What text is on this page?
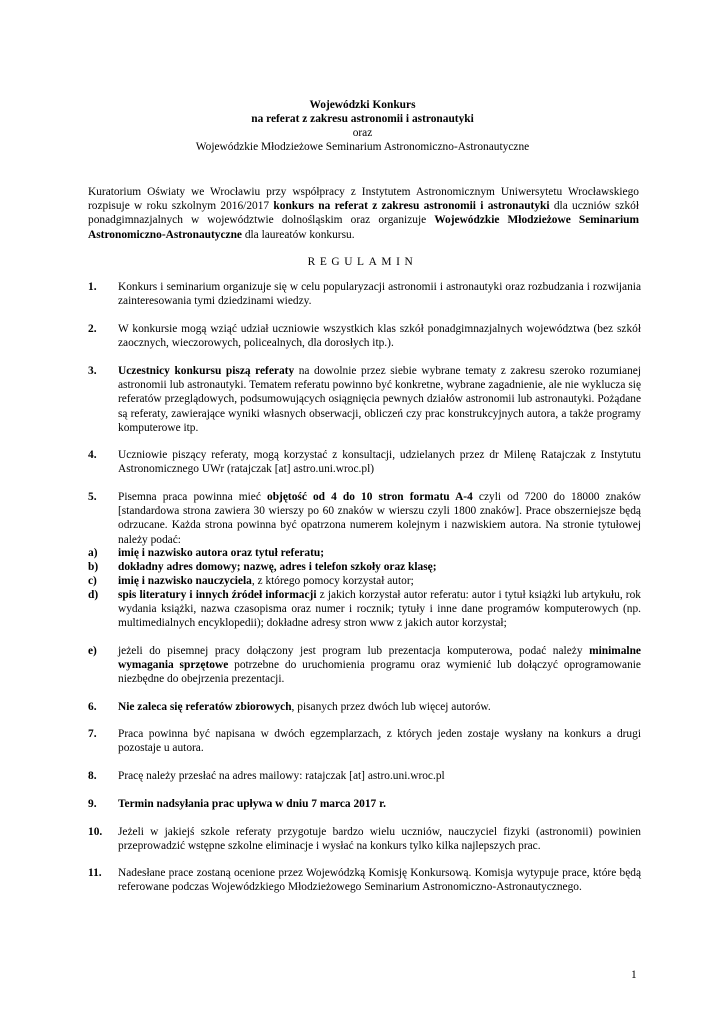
Wojewódzki Konkurs
na referat z zakresu astronomii i astronautyki
oraz
Wojewódzkie Młodzieżowe Seminarium Astronomiczno-Astronautyczne
Kuratorium Oświaty we Wrocławiu przy współpracy z Instytutem Astronomicznym Uniwersytetu Wrocławskiego rozpisuje w roku szkolnym 2016/2017 konkurs na referat z zakresu astronomii i astronautyki dla uczniów szkół ponadgimnazjalnych w województwie dolnośląskim oraz organizuje Wojewódzkie Młodzieżowe Seminarium Astronomiczno-Astronautyczne dla laureatów konkursu.
REGULAMIN
1. Konkurs i seminarium organizuje się w celu popularyzacji astronomii i astronautyki oraz rozbudzania i rozwijania zainteresowania tymi dziedzinami wiedzy.
2. W konkursie mogą wziąć udział uczniowie wszystkich klas szkół ponadgimnazjalnych województwa (bez szkół zaocznych, wieczorowych, policealnych, dla dorosłych itp.).
3. Uczestnicy konkursu piszą referaty na dowolnie przez siebie wybrane tematy z zakresu szeroko rozumianej astronomii lub astronautyki. Tematem referatu powinno być konkretne, wybrane zagadnienie, ale nie wyklucza się referatów przeglądowych, podsumowujących osiągnięcia pewnych działów astronomii lub astronautyki. Pożądane są referaty, zawierające wyniki własnych obserwacji, obliczeń czy prac konstrukcyjnych autora, a także programy komputerowe itp.
4. Uczniowie piszący referaty, mogą korzystać z konsultacji, udzielanych przez dr Milenę Ratajczak z Instytutu Astronomicznego UWr (ratajczak [at] astro.uni.wroc.pl)
5. Pisemna praca powinna mieć objętość od 4 do 10 stron formatu A-4 czyli od 7200 do 18000 znaków [standardowa strona zawiera 30 wierszy po 60 znaków w wierszu czyli 1800 znaków]. Prace obszerniejsze będą odrzucane. Każda strona powinna być opatrzona numerem kolejnym i nazwiskiem autora. Na stronie tytułowej należy podać:
a)	imię i nazwisko autora oraz tytuł referatu;
b)	dokładny adres domowy; nazwę, adres i telefon szkoły oraz klasę;
c)	imię i nazwisko nauczyciela, z którego pomocy korzystał autor;
d)	spis literatury i innych źródeł informacji z jakich korzystał autor referatu: autor i tytuł książki lub artykułu, rok wydania książki, nazwa czasopisma oraz numer i rocznik; tytuły i inne dane programów komputerowych (np. multimedialnych encyklopedii); dokładne adresy stron www z jakich autor korzystał;
e)	jeżeli do pisemnej pracy dołączony jest program lub prezentacja komputerowa, podać należy minimalne wymagania sprzętowe potrzebne do uruchomienia programu oraz wymienić lub dołączyć oprogramowanie niezbędne do obejrzenia prezentacji.
6. Nie zaleca się referatów zbiorowych, pisanych przez dwóch lub więcej autorów.
7. Praca powinna być napisana w dwóch egzemplarzach, z których jeden zostaje wysłany na konkurs a drugi pozostaje u autora.
8. Pracę należy przesłać na adres mailowy: ratajczak [at] astro.uni.wroc.pl
9. Termin nadsyłania prac upływa w dniu 7 marca 2017 r.
10. Jeżeli w jakiejś szkole referaty przygotuje bardzo wielu uczniów, nauczyciel fizyki (astronomii) powinien przeprowadzić wstępne szkolne eliminacje i wysłać na konkurs tylko kilka najlepszych prac.
11. Nadesłane prace zostaną ocenione przez Wojewódzką Komisję Konkursową. Komisja wytypuje prace, które będą referowane podczas Wojewódzkiego Młodzieżowego Seminarium Astronomiczno-Astronautycznego.
1
